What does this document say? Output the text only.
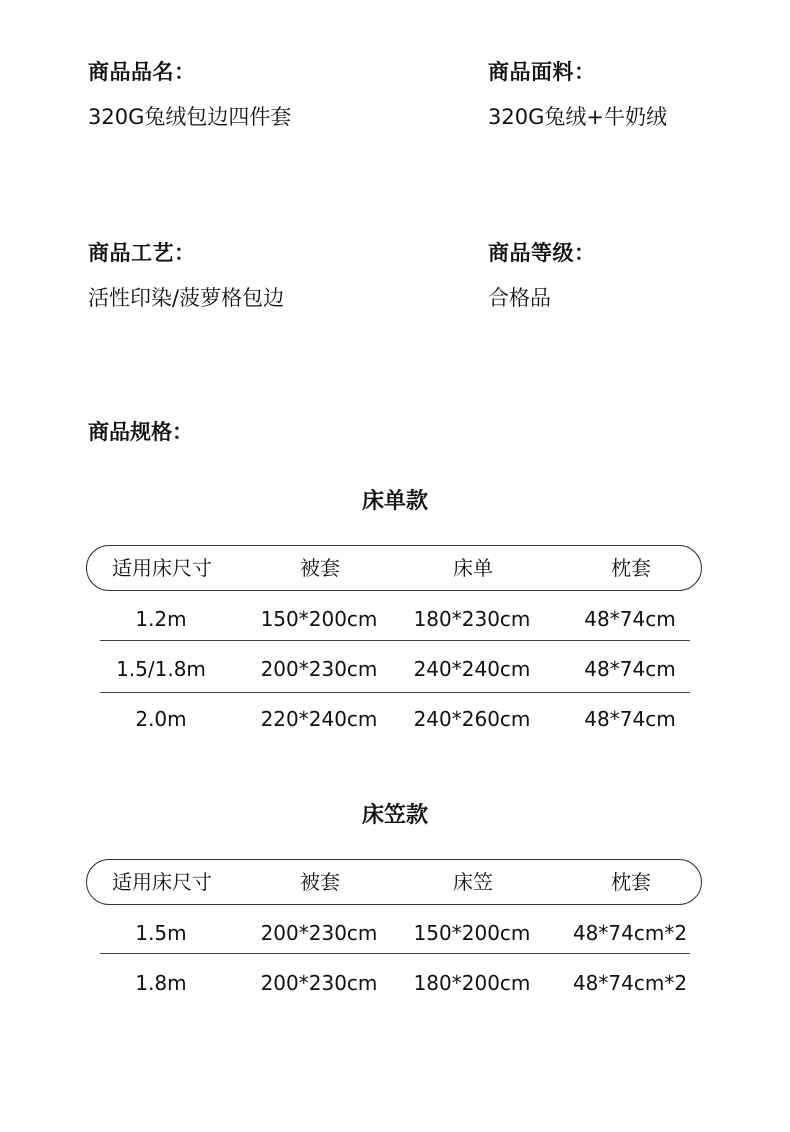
商品品名：
320G兔绒包边四件套
商品面料：
320G兔绒+牛奶绒
商品工艺：
活性印染/菠萝格包边
商品等级：
合格品
商品规格：
床单款
适用床尺寸	被套	床单	枕套
1.2m	150*200cm	180*230cm	48*74cm
1.5/1.8m	200*230cm	240*240cm	48*74cm
2.0m	220*240cm	240*260cm	48*74cm
床笠款
适用床尺寸	被套	床笠	枕套
1.5m	200*230cm	150*200cm	48*74cm*2
1.8m	200*230cm	180*200cm	48*74cm*2
